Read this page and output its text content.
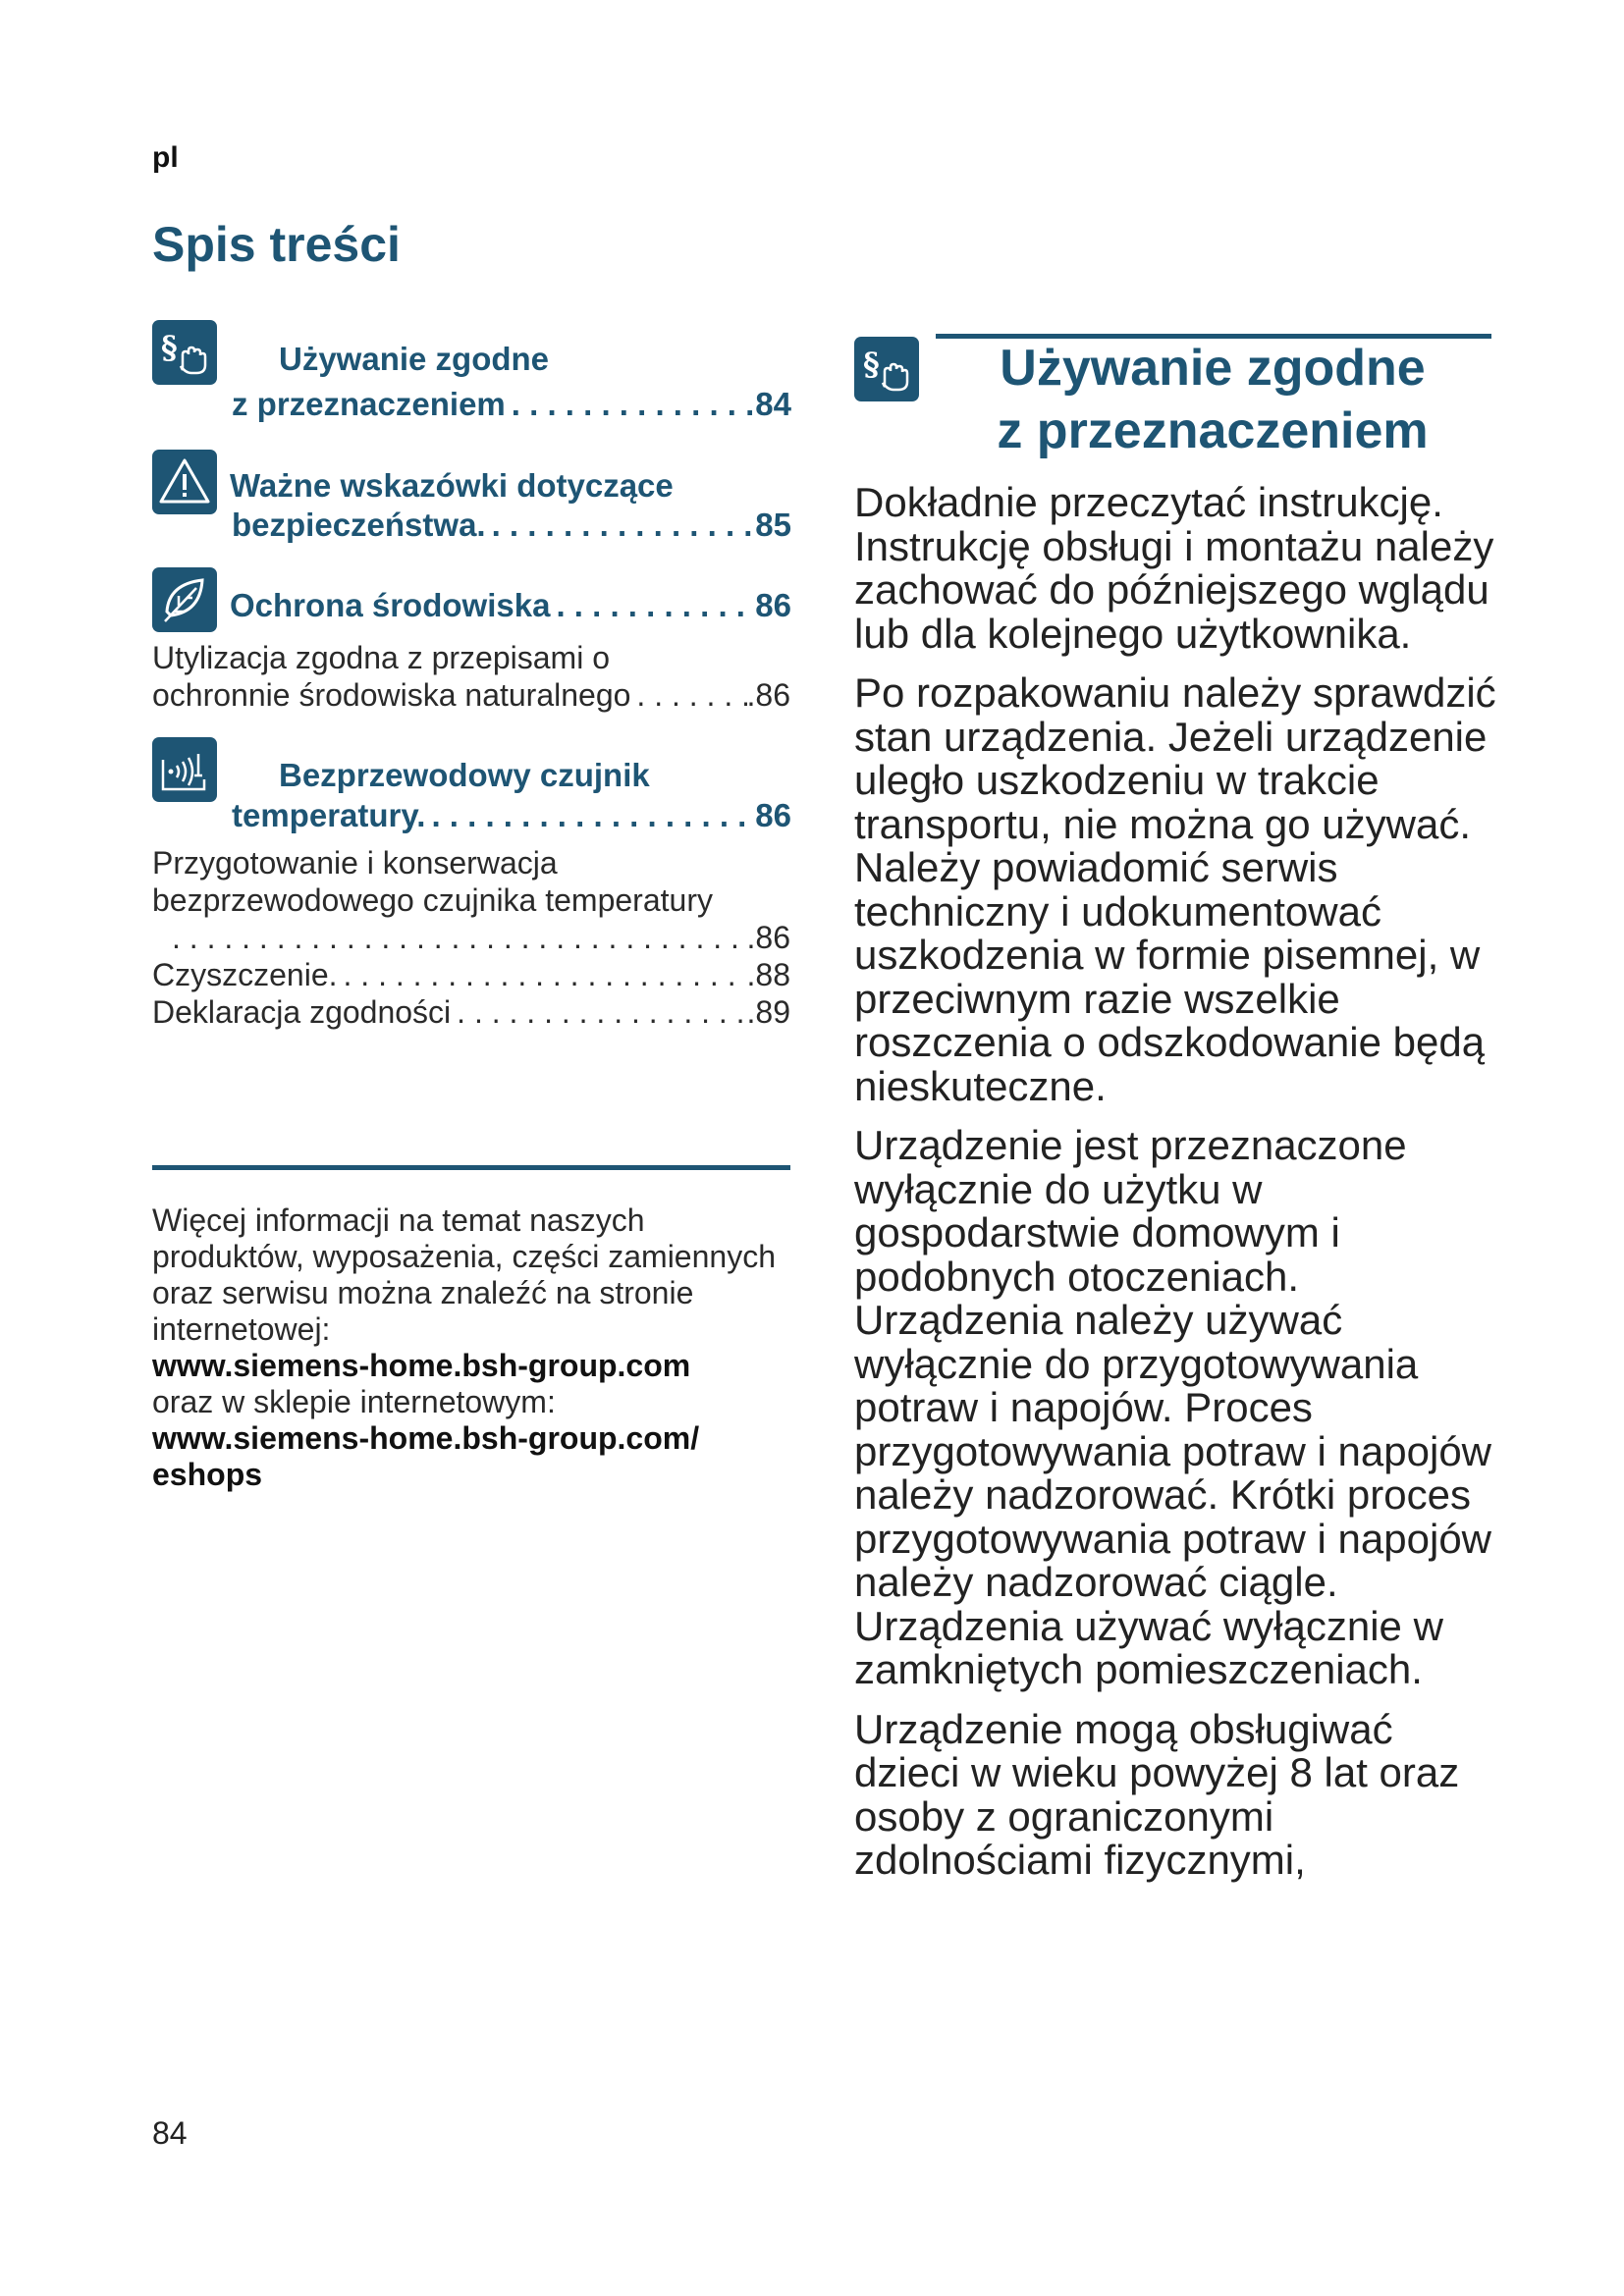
pl
Spis treści
§	Używanie zgodne
z przeznaczeniem . . .	84
Ważne wskazówki dotyczące
bezpieczeństwa. . . .	85
Ochrona środowiska . . .	86
Utylizacja zgodna z przepisami o
ochronnie środowiska naturalnego . . .	.86
Bezprzewodowy czujnik
temperatury. . . .	86
Przygotowanie i konserwacja
bezprzewodowego czujnika temperatury
. . .
.86
Czyszczenie. . . .	.88
Deklaracja zgodności . . .	.89
Więcej informacji na temat naszych produktów, wyposażenia, części zamiennych oraz serwisu można znaleźć na stronie internetowej:
www.siemens-home.bsh-group.com
oraz w sklepie internetowym:
www.siemens-home.bsh-group.com/ eshops
§	Używanie zgodne
z przeznaczeniem

Dokładnie przeczytać instrukcję. Instrukcję obsługi i montażu należy zachować do późniejszego wglądu lub dla kolejnego użytkownika.

Po rozpakowaniu należy sprawdzić stan urządzenia. Jeżeli urządzenie uległo uszkodzeniu w trakcie transportu, nie można go używać. Należy powiadomić serwis techniczny i udokumentować uszkodzenia w formie pisemnej, w przeciwnym razie wszelkie roszczenia o odszkodowanie będą nieskuteczne.

Urządzenie jest przeznaczone wyłącznie do użytku w gospodarstwie domowym i podobnych otoczeniach. Urządzenia należy używać wyłącznie do przygotowywania potraw i napojów. Proces przygotowywania potraw i napojów należy nadzorować. Krótki proces przygotowywania potraw i napojów należy nadzorować ciągle. Urządzenia używać wyłącznie w zamkniętych pomieszczeniach.

Urządzenie mogą obsługiwać dzieci w wieku powyżej 8 lat oraz osoby z ograniczonymi zdolnościami fizycznymi,

84
